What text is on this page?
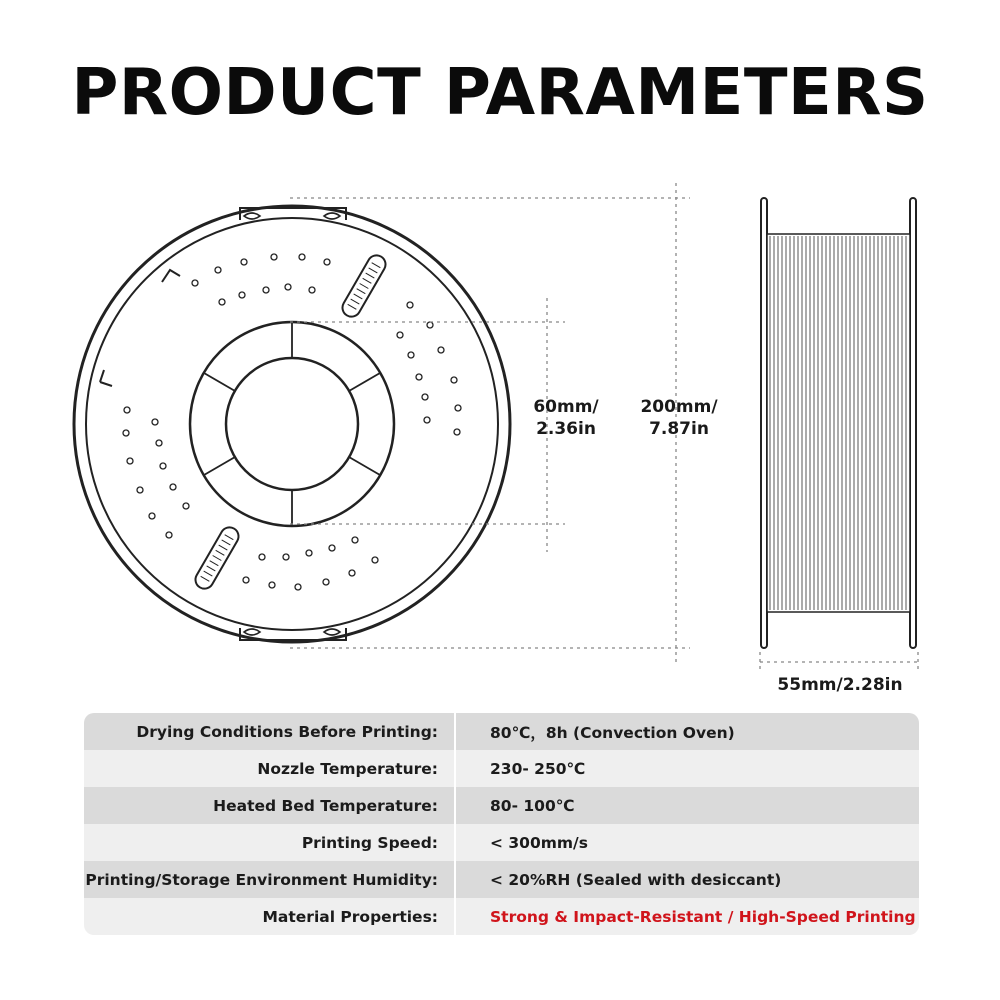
PRODUCT PARAMETERS
60mm/
2.36in
200mm/
7.87in
55mm/2.28in
Drying Conditions Before Printing:	80℃，8h (Convection Oven)
Nozzle Temperature:	230- 250℃
Heated Bed Temperature:	80- 100℃
Printing Speed:	< 300mm/s
Printing/Storage Environment Humidity:	< 20%RH (Sealed with desiccant)
Material Properties:	Strong & Impact-Resistant / High-Speed Printing
